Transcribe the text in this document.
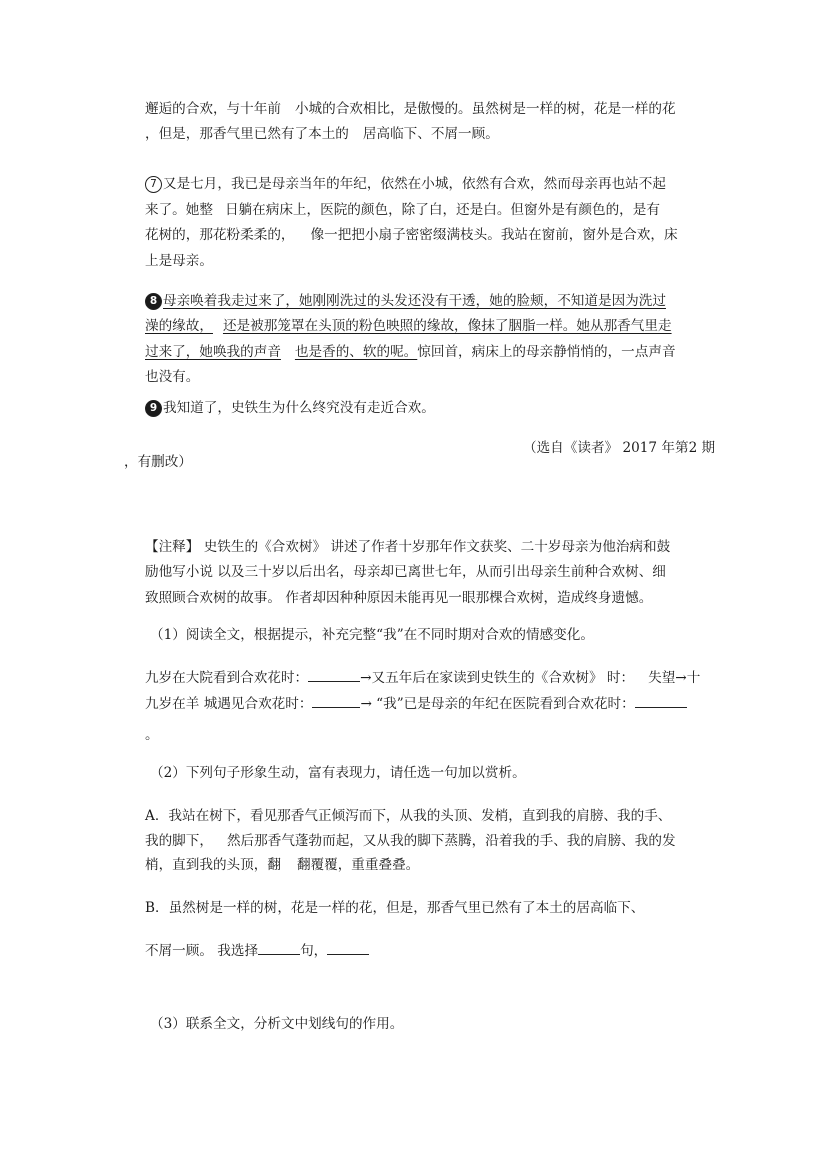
邂逅的合欢，与十年前 小城的合欢相比，是傲慢的。虽然树是一样的树，花是一样的花
，但是，那香气里已然有了本土的 居高临下、不屑一顾。
7 又是七月，我已是母亲当年的年纪，依然在小城，依然有合欢，然而母亲再也站不起
来了。她整 日躺在病床上，医院的颜色，除了白，还是白。但窗外是有颜色的，是有
花树的，那花粉柔柔的， 像一把把小扇子密密缀满枝头。我站在窗前，窗外是合欢，床
上是母亲。
8 母亲唤着我走过来了，她刚刚洗过的头发还没有干透，她的脸颊，不知道是因为洗过
澡的缘故， 还是被那笼罩在头顶的粉色映照的缘故，像抹了胭脂一样。她从那香气里走
过来了，她唤我的声音 也是香的、软的呢。惊回首，病床上的母亲静悄悄的，一点声音
也没有。
9 我知道了，史铁生为什么终究没有走近合欢。
（选自《读者》 2017 年第2 期
，有删改）
【注释】 史铁生的《合欢树》 讲述了作者十岁那年作文获奖、二十岁母亲为他治病和鼓
励他写小说 以及三十岁以后出名，母亲却已离世七年，从而引出母亲生前种合欢树、细
致照顾合欢树的故事。 作者却因种种原因未能再见一眼那棵合欢树，造成终身遗憾。
（1）阅读全文，根据提示，补充完整“我”在不同时期对合欢的情感变化。
九岁在大院看到合欢花时：	→又五年后在家读到史铁生的《合欢树》 时： 失望→十
九岁在羊 城遇见合欢花时：	→ “我”已是母亲的年纪在医院看到合欢花时：
。
（2）下列句子形象生动，富有表现力，请任选一句加以赏析。
A．我站在树下，看见那香气正倾泻而下，从我的头顶、发梢，直到我的肩膀、我的手、
我的脚下， 然后那香气蓬勃而起，又从我的脚下蒸腾，沿着我的手、我的肩膀、我的发
梢，直到我的头顶，翻 翻覆覆，重重叠叠。
B．虽然树是一样的树，花是一样的花，但是，那香气里已然有了本土的居高临下、
不屑一顾。 我选择	句，
（3）联系全文，分析文中划线句的作用。
